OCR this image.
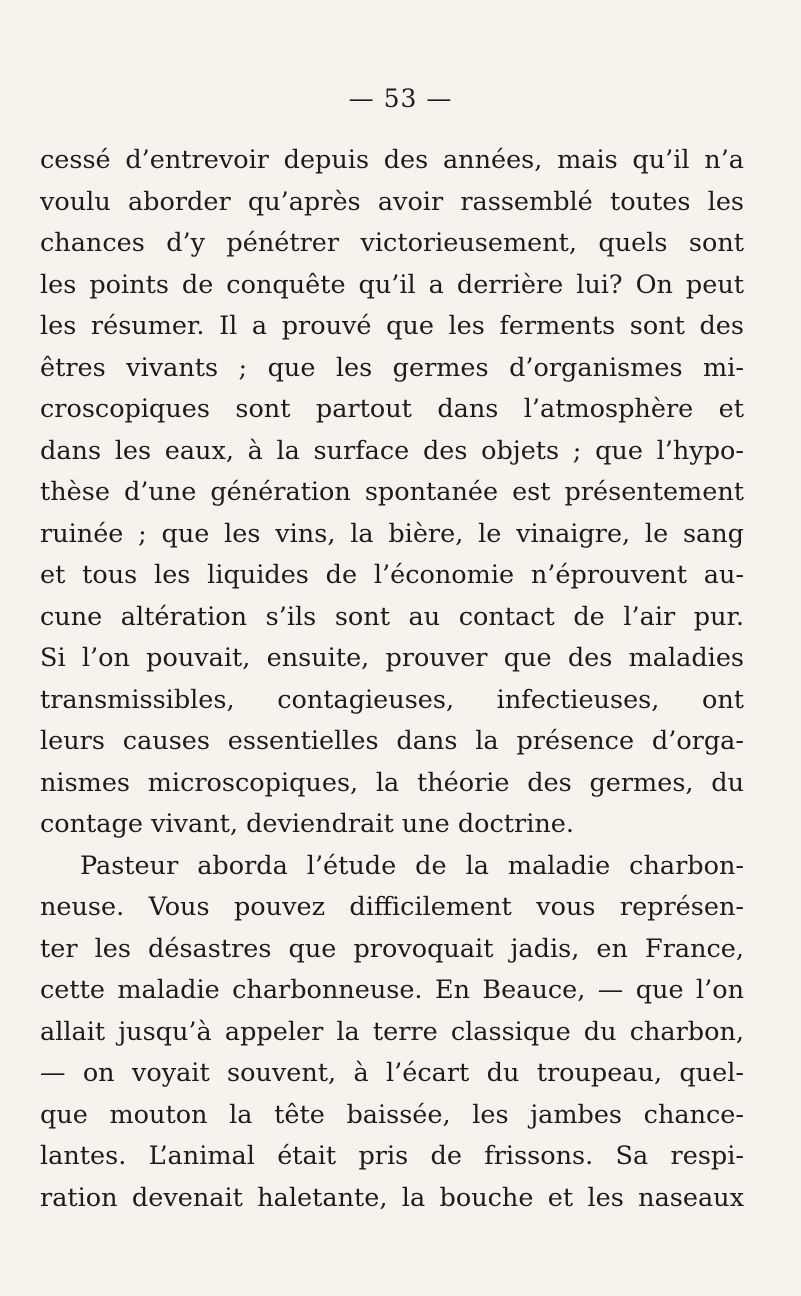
— 53 —
cessé d’entrevoir depuis des années, mais qu’il n’a
voulu aborder qu’après avoir rassemblé toutes les
chances d’y pénétrer victorieusement, quels sont
les points de conquête qu’il a derrière lui? On peut
les résumer. Il a prouvé que les ferments sont des
êtres vivants ; que les germes d’organismes mi-
croscopiques sont partout dans l’atmosphère et
dans les eaux, à la surface des objets ; que l’hypo-
thèse d’une génération spontanée est présentement
ruinée ; que les vins, la bière, le vinaigre, le sang
et tous les liquides de l’économie n’éprouvent au-
cune altération s’ils sont au contact de l’air pur.
Si l’on pouvait, ensuite, prouver que des maladies
transmissibles, contagieuses, infectieuses, ont
leurs causes essentielles dans la présence d’orga-
nismes microscopiques, la théorie des germes, du
contage vivant, deviendrait une doctrine.
Pasteur aborda l’étude de la maladie charbon-
neuse. Vous pouvez difficilement vous représen-
ter les désastres que provoquait jadis, en France,
cette maladie charbonneuse. En Beauce, — que l’on
allait jusqu’à appeler la terre classique du charbon,
— on voyait souvent, à l’écart du troupeau, quel-
que mouton la tête baissée, les jambes chance-
lantes. L’animal était pris de frissons. Sa respi-
ration devenait haletante, la bouche et les naseaux
